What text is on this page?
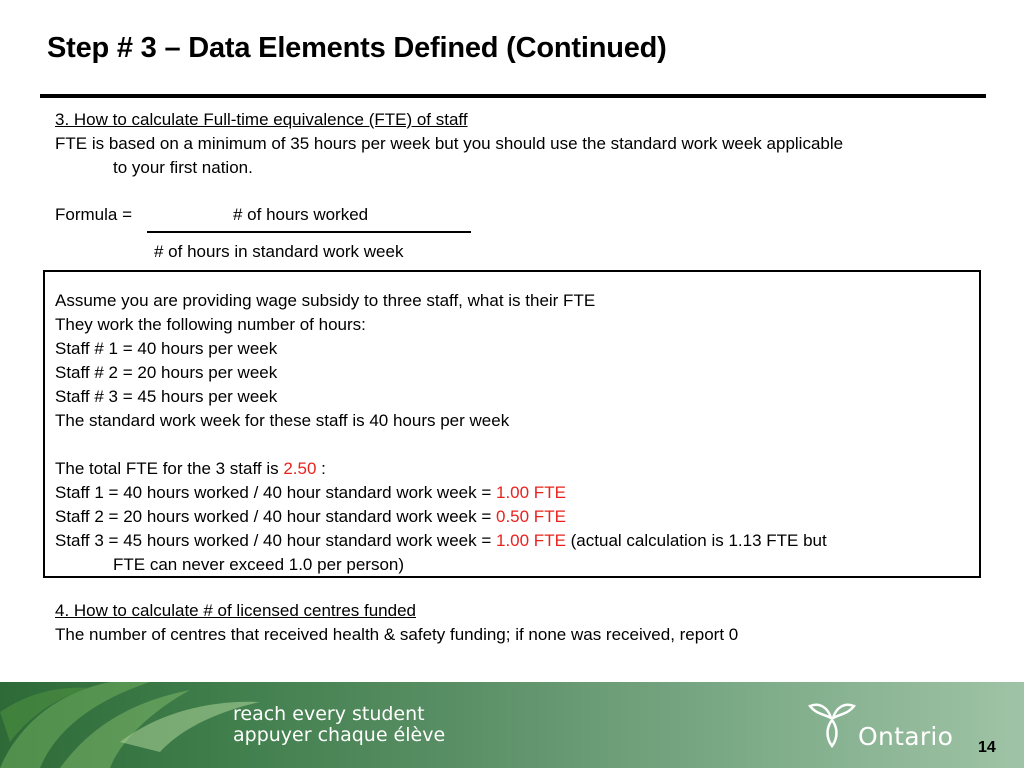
Step # 3 – Data Elements Defined (Continued)
3. How to calculate Full-time equivalence (FTE) of staff
FTE is based on a minimum of 35 hours per week but you should use the standard work week applicable
to your first nation.
Formula =	# of hours worked
# of hours in standard work week
Assume you are providing wage subsidy to three staff, what is their FTE
They work the following number of hours:
Staff # 1 = 40 hours per week
Staff # 2 = 20 hours per week
Staff # 3 = 45 hours per week
The standard work week for these staff is 40 hours per week
The total FTE for the 3 staff is 2.50 :
Staff 1 = 40 hours worked / 40 hour standard work week = 1.00 FTE
Staff 2 = 20 hours worked / 40 hour standard work week = 0.50 FTE
Staff 3 = 45 hours worked / 40 hour standard work week = 1.00 FTE (actual calculation is 1.13 FTE but
FTE can never exceed 1.0 per person)
4. How to calculate # of licensed centres funded
The number of centres that received health & safety funding; if none was received, report 0
reach every student
appuyer chaque élève	Ontario 14
